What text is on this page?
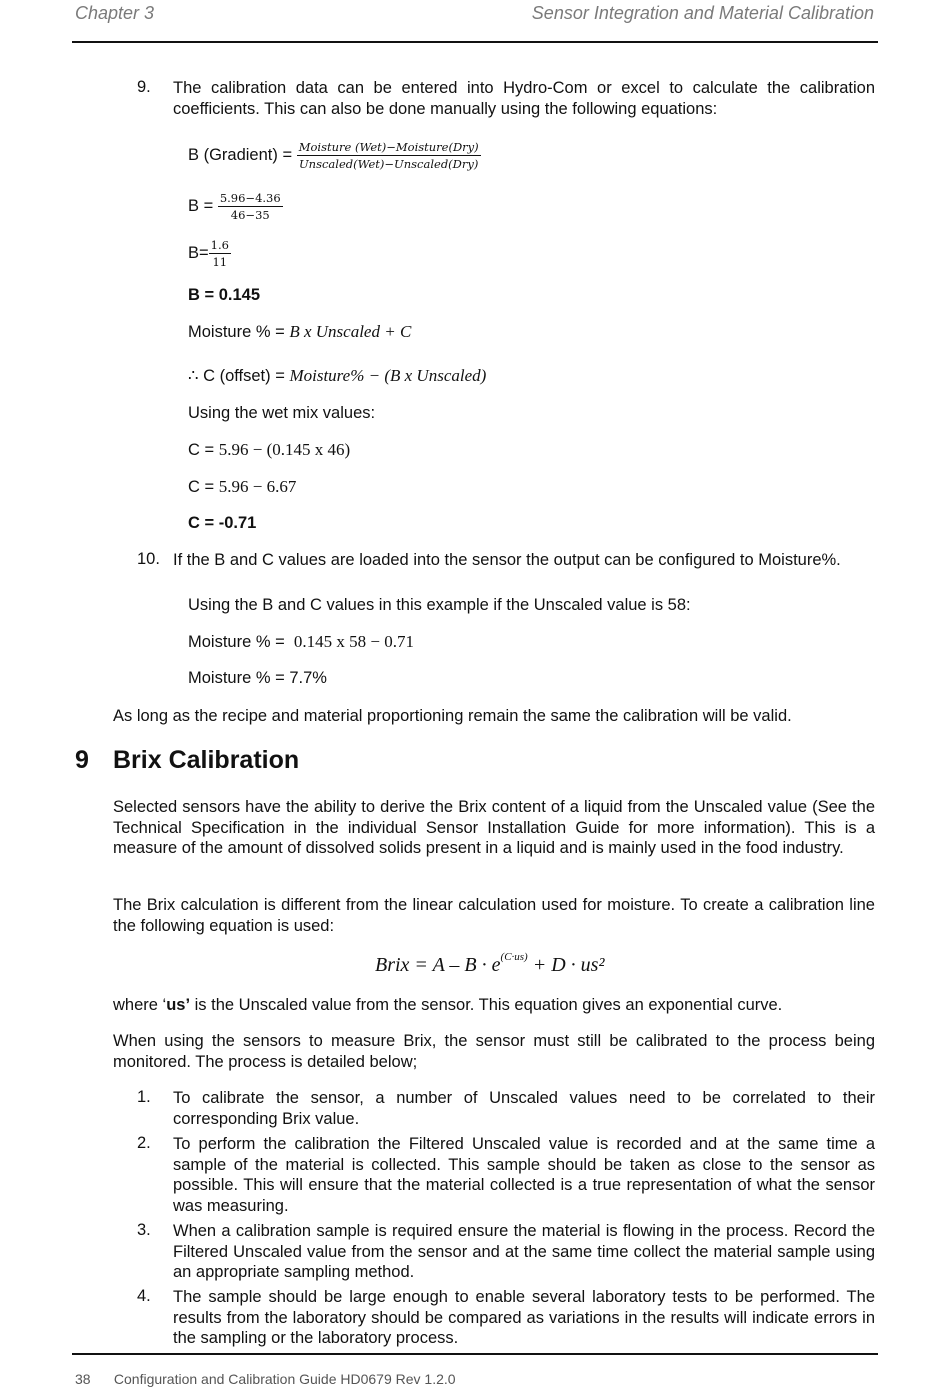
Chapter 3	Sensor Integration and Material Calibration
9. The calibration data can be entered into Hydro-Com or excel to calculate the calibration coefficients. This can also be done manually using the following equations:
B (Gradient) =
$\frac{\text{Moisture (Wet)−Moisture(Dry)}}{\text{Unscaled(Wet)−Unscaled(Dry)}}$
B =
$\frac{5.96-4.36}{46-35}$
$B= \frac{1.6}{11}$
B = 0.145
Moisture % = B x Unscaled + C
∴ C (offset) = Moisture% − (B x Unscaled)
Using the wet mix values:
C = 5.96 − (0.145 x 46)
C = 5.96 − 6.67
C = -0.71
10. If the B and C values are loaded into the sensor the output can be configured to Moisture%.
Using the B and C values in this example if the Unscaled value is 58:
Moisture % = 0.145 x 58 − 0.71
Moisture % = 7.7%
As long as the recipe and material proportioning remain the same the calibration will be valid.
9 Brix Calibration
Selected sensors have the ability to derive the Brix content of a liquid from the Unscaled value (See the Technical Specification in the individual Sensor Installation Guide for more information). This is a measure of the amount of dissolved solids present in a liquid and is mainly used in the food industry.
The Brix calculation is different from the linear calculation used for moisture. To create a calibration line the following equation is used:
Brix = $A - B \cdot e^{(C\cdot us)} + D \cdot us^2$
where ‘us’ is the Unscaled value from the sensor. This equation gives an exponential curve.
When using the sensors to measure Brix, the sensor must still be calibrated to the process being monitored. The process is detailed below;
1. To calibrate the sensor, a number of Unscaled values need to be correlated to their corresponding Brix value.
2. To perform the calibration the Filtered Unscaled value is recorded and at the same time a sample of the material is collected. This sample should be taken as close to the sensor as possible. This will ensure that the material collected is a true representation of what the sensor was measuring.
3. When a calibration sample is required ensure the material is flowing in the process. Record the Filtered Unscaled value from the sensor and at the same time collect the material sample using an appropriate sampling method.
4. The sample should be large enough to enable several laboratory tests to be performed. The results from the laboratory should be compared as variations in the results will indicate errors in the sampling or the laboratory process.
38 Configuration and Calibration Guide HD0679 Rev 1.2.0
